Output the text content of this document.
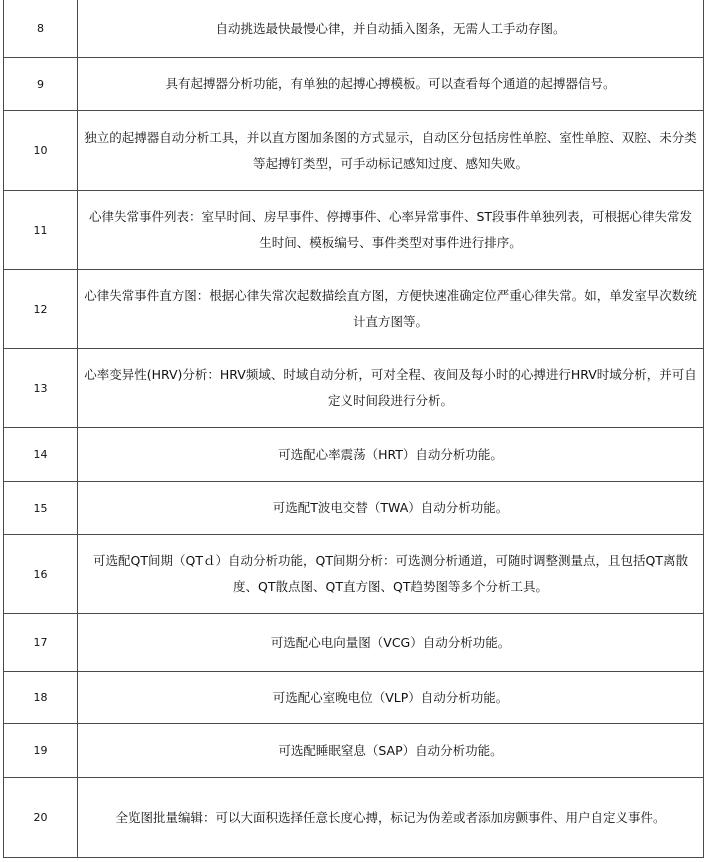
8	自动挑选最快最慢心律，并自动插入图条，无需人工手动存图。
9	具有起搏器分析功能，有单独的起搏心搏模板。可以查看每个通道的起搏器信号。
10	独立的起搏器自动分析工具，并以直方图加条图的方式显示，自动区分包括房性单腔、室性单腔、双腔、未分类等起搏钉类型，可手动标记感知过度、感知失败。
11	心律失常事件列表：室早时间、房早事件、停搏事件、心率异常事件、ST段事件单独列表，可根据心律失常发生时间、模板编号、事件类型对事件进行排序。
12	心律失常事件直方图：根据心律失常次起数描绘直方图，方便快速准确定位严重心律失常。如，单发室早次数统计直方图等。
13	心率变异性(HRV)分析：HRV频域、时域自动分析，可对全程、夜间及每小时的心搏进行HRV时域分析，并可自定义时间段进行分析。
14	可选配心率震荡（HRT）自动分析功能。
15	可选配T波电交替（TWA）自动分析功能。
16	可选配QT间期（QTｄ）自动分析功能，QT间期分析：可选测分析通道，可随时调整测量点，且包括QT离散度、QT散点图、QT直方图、QT趋势图等多个分析工具。
17	可选配心电向量图（VCG）自动分析功能。
18	可选配心室晚电位（VLP）自动分析功能。
19	可选配睡眠窒息（SAP）自动分析功能。
20	全览图批量编辑：可以大面积选择任意长度心搏，标记为伪差或者添加房颤事件、用户自定义事件。
